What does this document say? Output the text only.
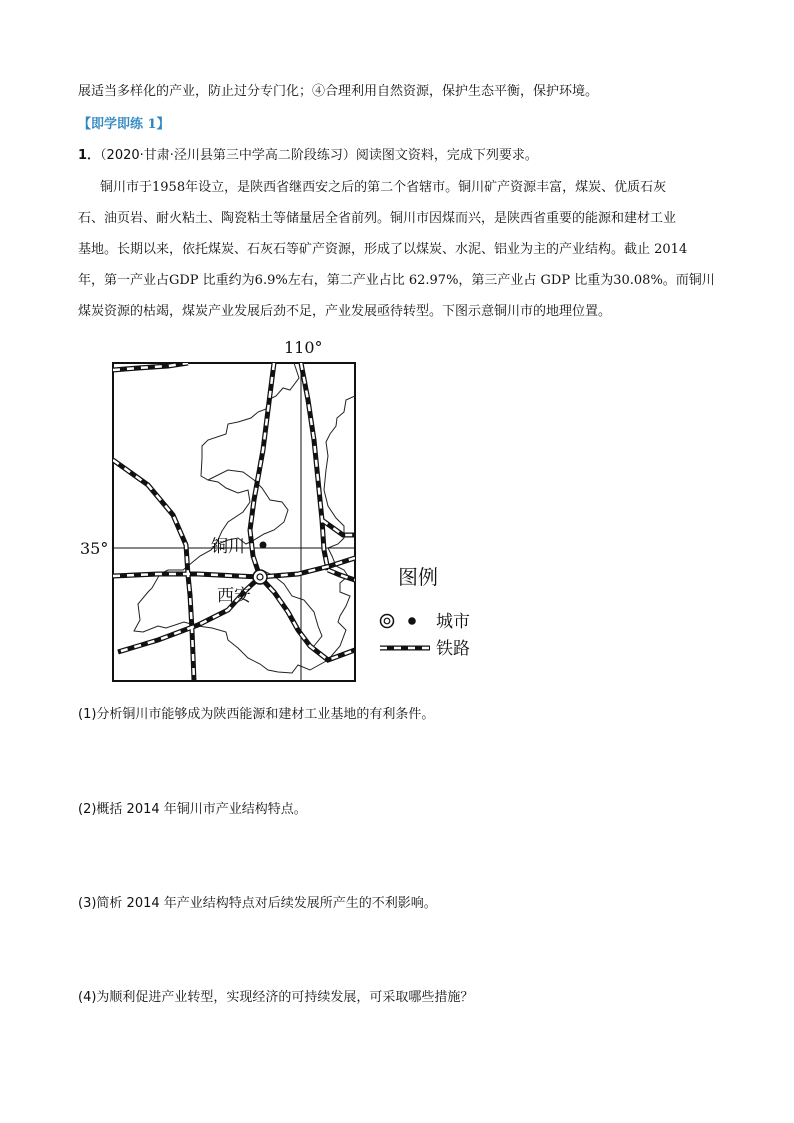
展适当多样化的产业，防止过分专门化；④合理利用自然资源，保护生态平衡，保护环境。
【即学即练 1】
1．（2020·甘肃·泾川县第三中学高二阶段练习）阅读图文资料，完成下列要求。
铜川市于1958年设立，是陕西省继西安之后的第二个省辖市。铜川矿产资源丰富，煤炭、优质石灰
石、油页岩、耐火粘土、陶瓷粘土等储量居全省前列。铜川市因煤而兴，是陕西省重要的能源和建材工业
基地。长期以来，依托煤炭、石灰石等矿产资源，形成了以煤炭、水泥、铝业为主的产业结构。截止 2014
年，第一产业占GDP 比重约为6.9%左右，第二产业占比 62.97%，第三产业占 GDP 比重为30.08%。而铜川
煤炭资源的枯竭，煤炭产业发展后劲不足，产业发展亟待转型。下图示意铜川市的地理位置。
110°
35°	铜川
西安
图例
城市
铁路
(1)分析铜川市能够成为陕西能源和建材工业基地的有利条件。
(2)概括 2014 年铜川市产业结构特点。
(3)简析 2014 年产业结构特点对后续发展所产生的不利影响。
(4)为顺利促进产业转型，实现经济的可持续发展，可采取哪些措施？
